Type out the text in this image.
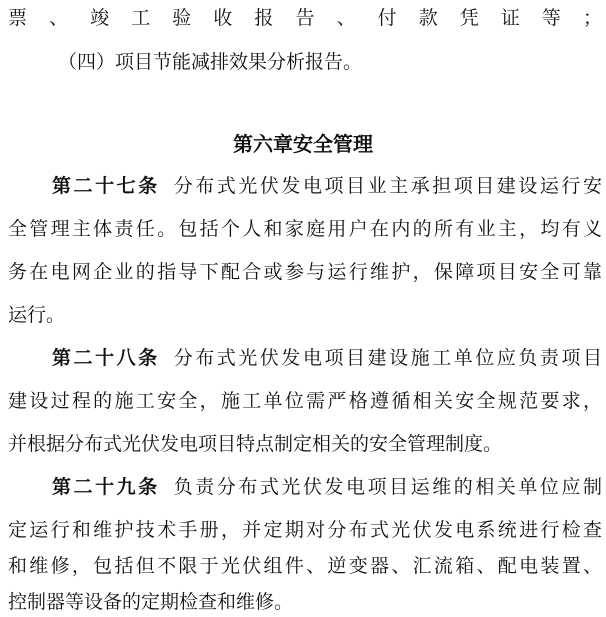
票、竣工验收报告、付款凭证等；
（四）项目节能减排效果分析报告。
第六章安全管理
第二十七条 分布式光伏发电项目业主承担项目建设运行安
全管理主体责任。包括个人和家庭用户在内的所有业主，均有义
务在电网企业的指导下配合或参与运行维护，保障项目安全可靠
运行。
第二十八条 分布式光伏发电项目建设施工单位应负责项目
建设过程的施工安全，施工单位需严格遵循相关安全规范要求，
并根据分布式光伏发电项目特点制定相关的安全管理制度。
第二十九条 负责分布式光伏发电项目运维的相关单位应制
定运行和维护技术手册，并定期对分布式光伏发电系统进行检查
和维修，包括但不限于光伏组件、逆变器、汇流箱、配电装置、
控制器等设备的定期检查和维修。
